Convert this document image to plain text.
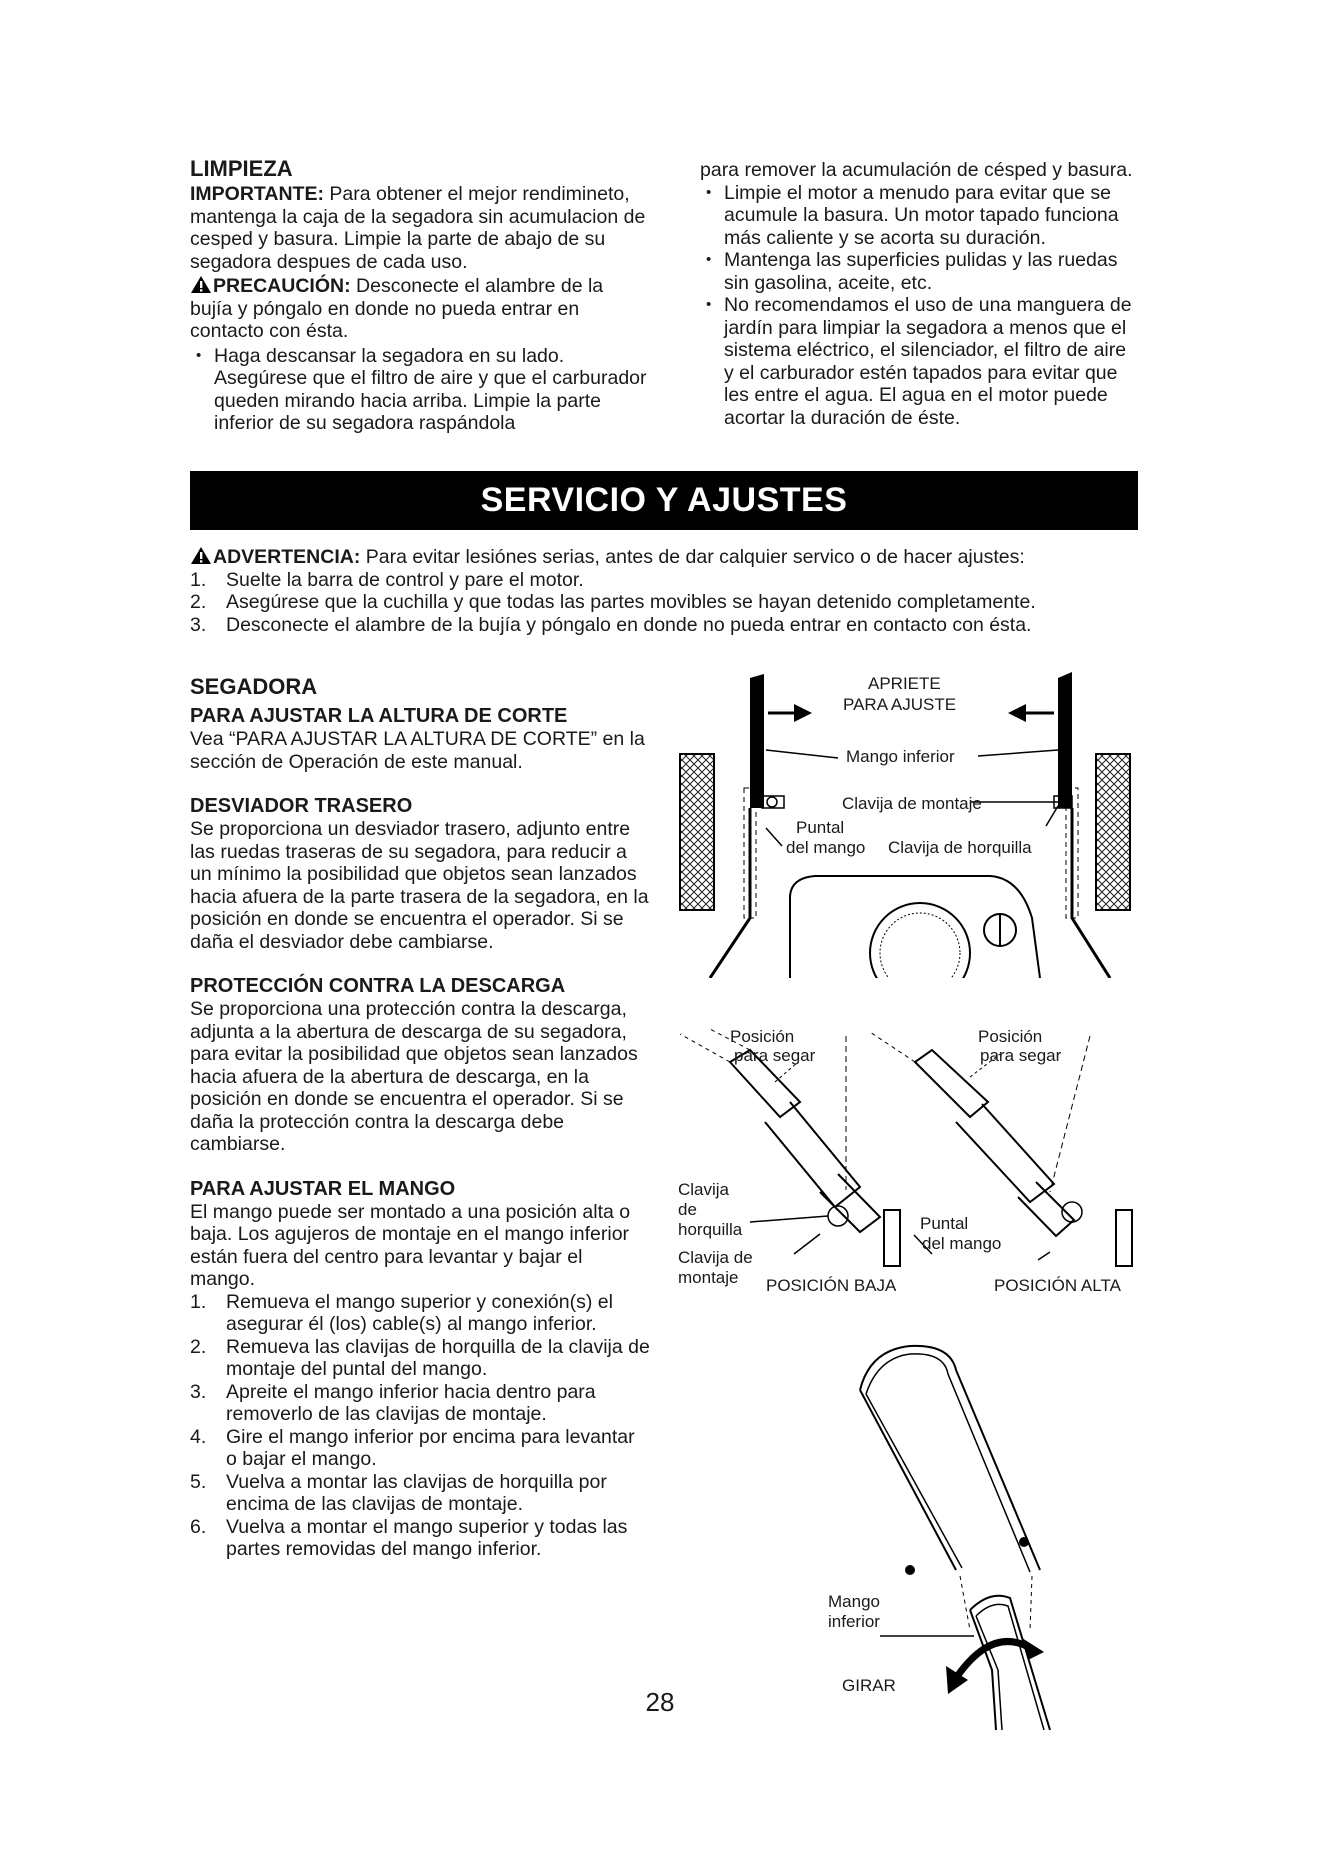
LIMPIEZA

IMPORTANTE: Para obtener el mejor rendimineto, mantenga la caja de la segadora sin acumulacion de cesped y basura. Limpie la parte de abajo de su segadora despues de cada uso.

PRECAUCIÓN: Desconecte el alambre de la bujía y póngalo en donde no pueda entrar en contacto con ésta.

• Haga descansar la segadora en su lado. Asegúrese que el filtro de aire y que el carburador queden mirando hacia arriba. Limpie la parte inferior de su segadora raspándola

para remover la acumulación de césped y basura.

• Limpie el motor a menudo para evitar que se acumule la basura. Un motor tapado funciona más caliente y se acorta su duración.
• Mantenga las superficies pulidas y las ruedas sin gasolina, aceite, etc.
• No recomendamos el uso de una manguera de jardín para limpiar la segadora a menos que el sistema eléctrico, el silenciador, el filtro de aire y el carburador estén tapados para evitar que les entre el agua. El agua en el motor puede acortar la duración de éste.
SERVICIO Y AJUSTES

ADVERTENCIA: Para evitar lesiónes serias, antes de dar calquier servico o de hacer ajustes:

1. Suelte la barra de control y pare el motor.
2. Asegúrese que la cuchilla y que todas las partes movibles se hayan detenido completamente.
3. Desconecte el alambre de la bujía y póngalo en donde no pueda entrar en contacto con ésta.

SEGADORA

PARA AJUSTAR LA ALTURA DE CORTE

Vea “PARA AJUSTAR LA ALTURA DE CORTE” en la sección de Operación de este manual.

DESVIADOR TRASERO

Se proporciona un desviador trasero, adjunto entre las ruedas traseras de su segadora, para reducir a un mínimo la posibilidad que objetos sean lanzados hacia afuera de la parte trasera de la segadora, en la posición en donde se encuentra el operador. Si se daña el desviador debe cambiarse.

PROTECCIÓN CONTRA LA DESCARGA

Se proporciona una protección contra la descarga, adjunta a la abertura de descarga de su segadora, para evitar la posibilidad que objetos sean lanzados hacia afuera de la abertura de descarga, en la posición en donde se encuentra el operador. Si se daña la protección contra la descarga debe cambiarse.

PARA AJUSTAR EL MANGO

El mango puede ser montado a una posición alta o baja. Los agujeros de montaje en el mango inferior están fuera del centro para levantar y bajar el mango.

1. Remueva el mango superior y conexión(s) el asegurar él (los) cable(s) al mango inferior.
2. Remueva las clavijas de horquilla de la clavija de montaje del puntal del mango.
3. Apreite el mango inferior hacia dentro para removerlo de las clavijas de montaje.
4. Gire el mango inferior por encima para levantar o bajar el mango.
5. Vuelva a montar las clavijas de horquilla por encima de las clavijas de montaje.
6. Vuelva a montar el mango superior y todas las partes removidas del mango inferior.
APRIETE
PARA AJUSTE
Mango inferior
Clavija de montaje
Puntal
del mango Clavija de horquilla
Posición
para segar
Posición
para segar
Clavija
de
horquilla
Clavija de
montaje
Puntal
del mango
POSICIÓN BAJA	POSICIÓN ALTA
Mango
inferior
GIRAR
28
